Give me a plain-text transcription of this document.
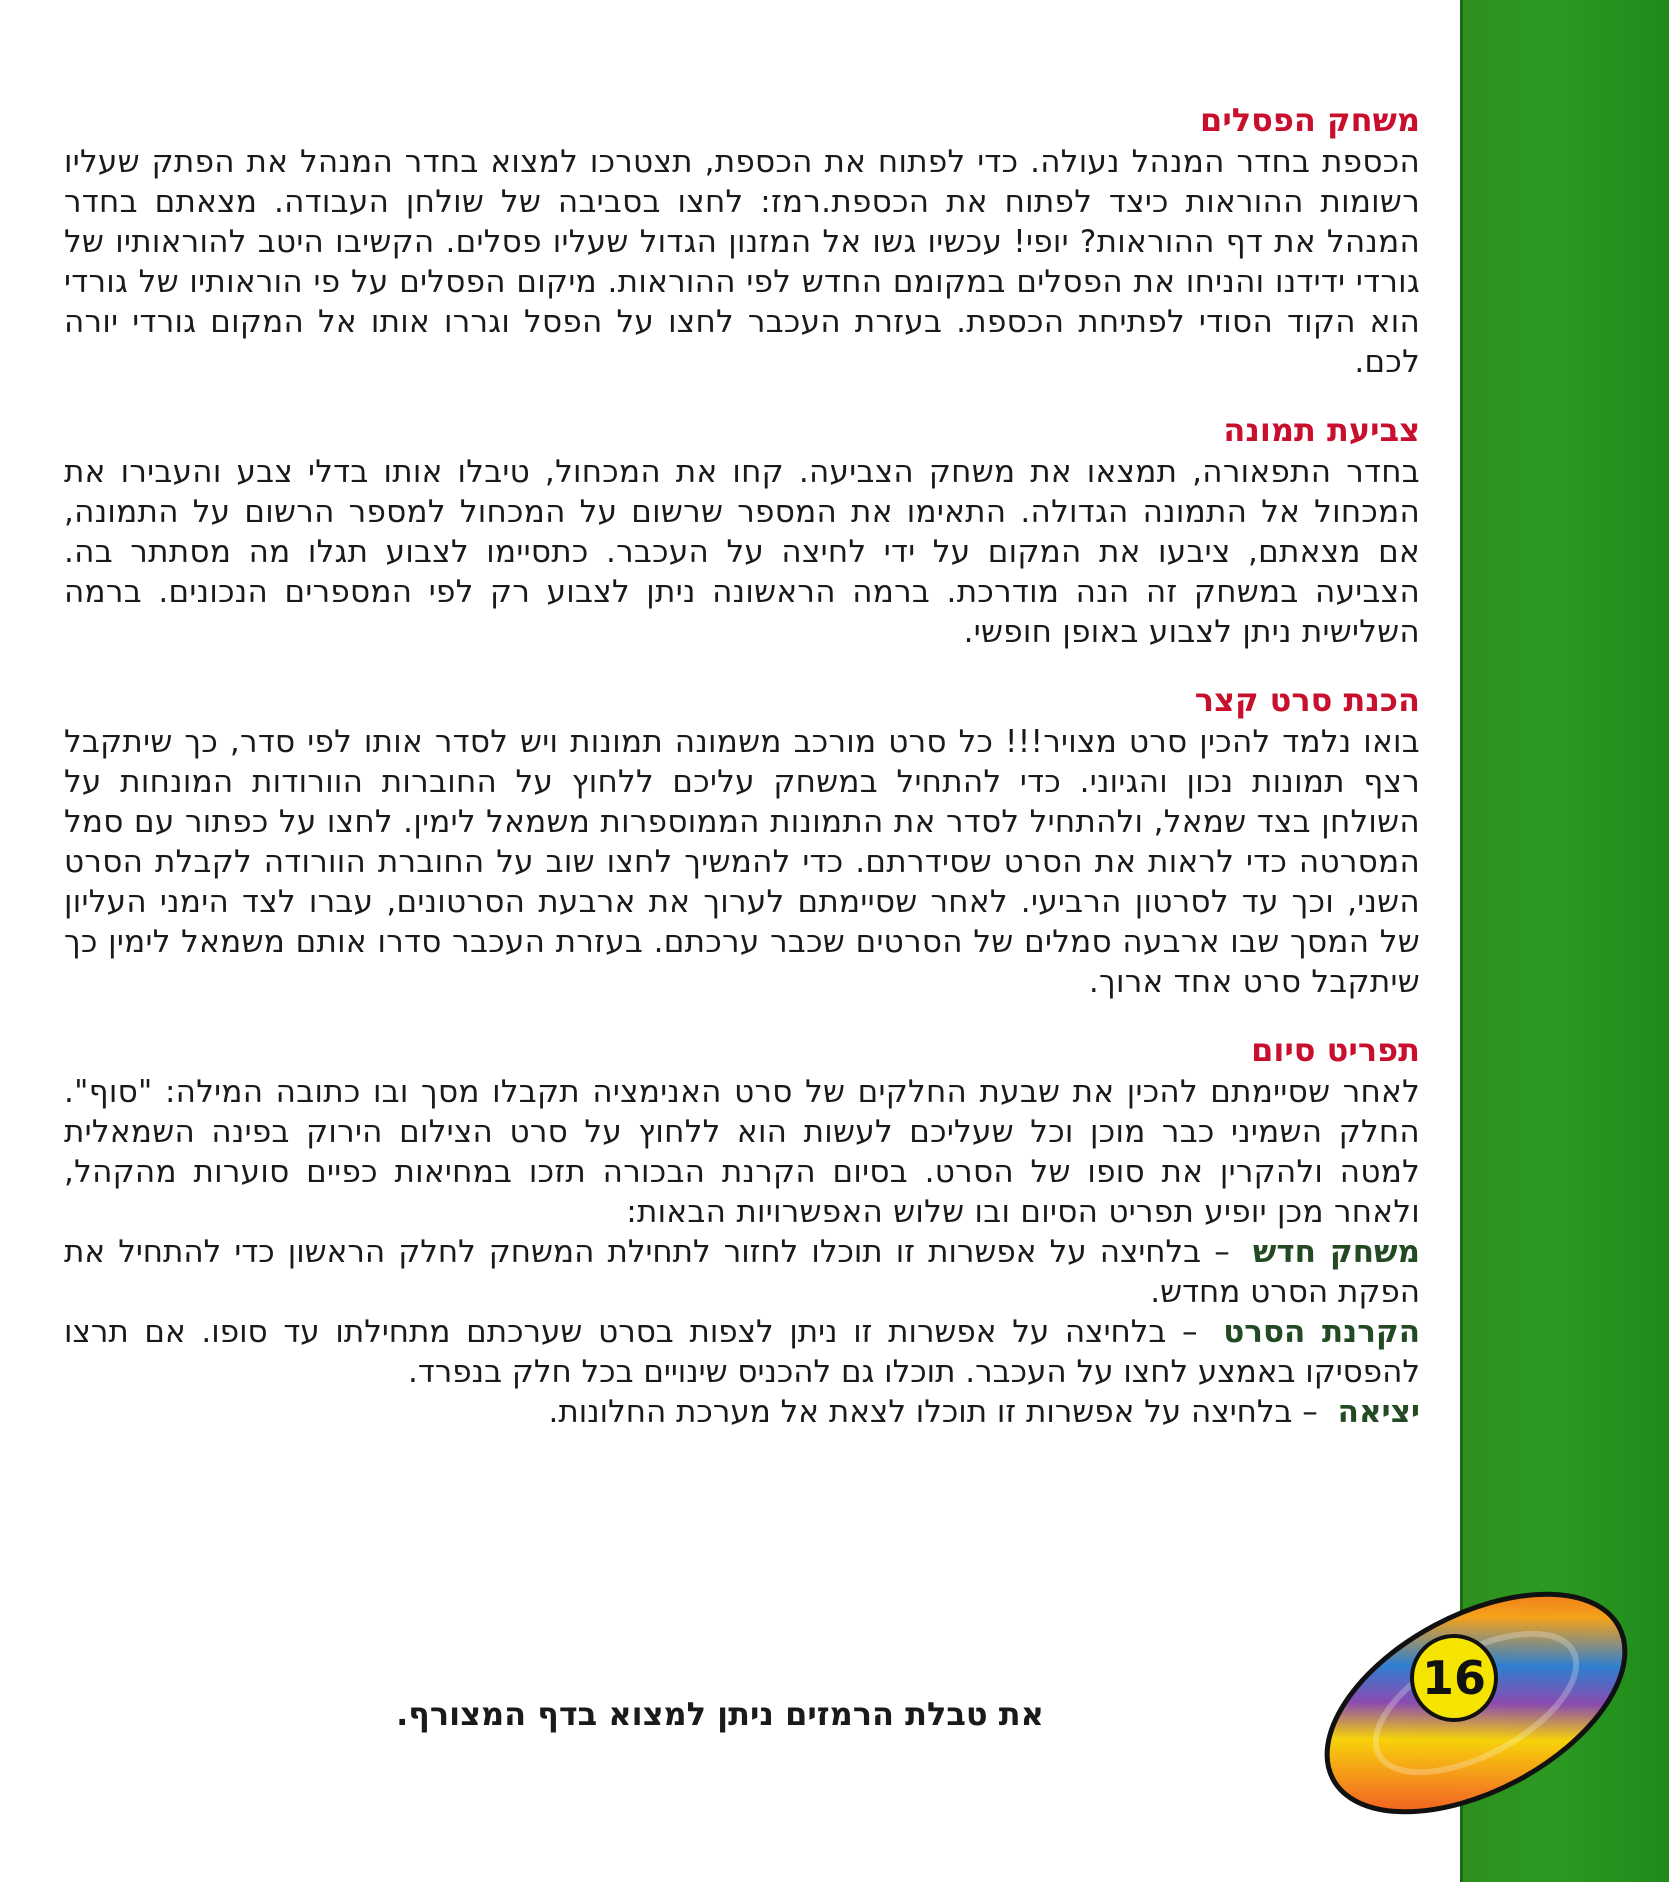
משחק הפסלים

הכספת בחדר המנהל נעולה. כדי לפתוח את הכספת, תצטרכו למצוא בחדר המנהל את הפתק שעליו רשומות ההוראות כיצד לפתוח את הכספת.רמז: לחצו בסביבה של שולחן העבודה. מצאתם בחדר המנהל את דף ההוראות? יופי! עכשיו גשו אל המזנון הגדול שעליו פסלים. הקשיבו היטב להוראותיו של גורדי ידידנו והניחו את הפסלים במקומם החדש לפי ההוראות. מיקום הפסלים על פי הוראותיו של גורדי הוא הקוד הסודי לפתיחת הכספת. בעזרת העכבר לחצו על הפסל וגררו אותו אל המקום גורדי יורה לכם.

צביעת תמונה

בחדר התפאורה, תמצאו את משחק הצביעה. קחו את המכחול, טיבלו אותו בדלי צבע והעבירו את המכחול אל התמונה הגדולה. התאימו את המספר שרשום על המכחול למספר הרשום על התמונה, אם מצאתם, ציבעו את המקום על ידי לחיצה על העכבר. כתסיימו לצבוע תגלו מה מסתתר בה. הצביעה במשחק זה הנה מודרכת. ברמה הראשונה ניתן לצבוע רק לפי המספרים הנכונים. ברמה השלישית ניתן לצבוע באופן חופשי.

הכנת סרט קצר

בואו נלמד להכין סרט מצויר!!! כל סרט מורכב משמונה תמונות ויש לסדר אותו לפי סדר, כך שיתקבל רצף תמונות נכון והגיוני. כדי להתחיל במשחק עליכם ללחוץ על החוברות הוורודות המונחות על השולחן בצד שמאל, ולהתחיל לסדר את התמונות הממוספרות משמאל לימין. לחצו על כפתור עם סמל המסרטה כדי לראות את הסרט שסידרתם. כדי להמשיך לחצו שוב על החוברת הוורודה לקבלת הסרט השני, וכך עד לסרטון הרביעי. לאחר שסיימתם לערוך את ארבעת הסרטונים, עברו לצד הימני העליון של המסך שבו ארבעה סמלים של הסרטים שכבר ערכתם. בעזרת העכבר סדרו אותם משמאל לימין כך שיתקבל סרט אחד ארוך.

תפריט סיום

לאחר שסיימתם להכין את שבעת החלקים של סרט האנימציה תקבלו מסך ובו כתובה המילה: "סוף". החלק השמיני כבר מוכן וכל שעליכם לעשות הוא ללחוץ על סרט הצילום הירוק בפינה השמאלית למטה ולהקרין את סופו של הסרט. בסיום הקרנת הבכורה תזכו במחיאות כפיים סוערות מהקהל, ולאחר מכן יופיע תפריט הסיום ובו שלוש האפשרויות הבאות:

משחק חדש – בלחיצה על אפשרות זו תוכלו לחזור לתחילת המשחק לחלק הראשון כדי להתחיל את הפקת הסרט מחדש.

הקרנת הסרט – בלחיצה על אפשרות זו ניתן לצפות בסרט שערכתם מתחילתו עד סופו. אם תרצו להפסיקו באמצע לחצו על העכבר. תוכלו גם להכניס שינויים בכל חלק בנפרד.

יציאה – בלחיצה על אפשרות זו תוכלו לצאת אל מערכת החלונות.

את טבלת הרמזים ניתן למצוא בדף המצורף.
16
